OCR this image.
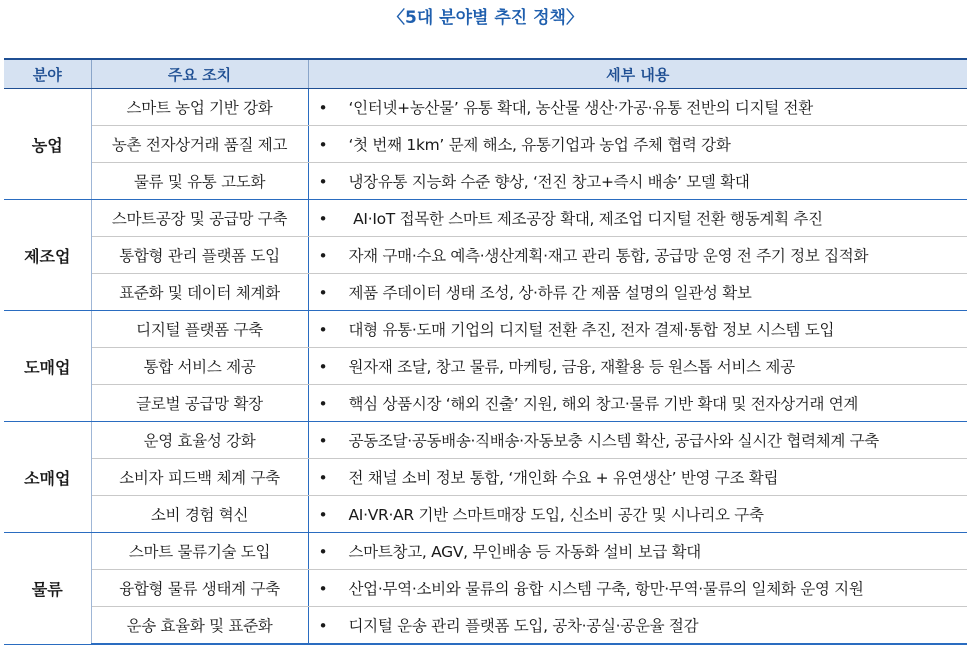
〈5대 분야별 추진 정책〉
분야	주요 조치	세부 내용
농업	스마트 농업 기반 강화	• ‘인터넷+농산물’ 유통 확대, 농산물 생산·가공·유통 전반의 디지털 전환
	농촌 전자상거래 품질 제고	• ‘첫 번째 1km’ 문제 해소, 유통기업과 농업 주체 협력 강화
	물류 및 유통 고도화	• 냉장유통 지능화 수준 향상, ‘전진 창고+즉시 배송’ 모델 확대
제조업	스마트공장 및 공급망 구축	• AI·IoT 접목한 스마트 제조공장 확대, 제조업 디지털 전환 행동계획 추진
	통합형 관리 플랫폼 도입	• 자재 구매·수요 예측·생산계획·재고 관리 통합, 공급망 운영 전 주기 정보 집적화
	표준화 및 데이터 체계화	• 제품 주데이터 생태 조성, 상·하류 간 제품 설명의 일관성 확보
도매업	디지털 플랫폼 구축	• 대형 유통·도매 기업의 디지털 전환 추진, 전자 결제·통합 정보 시스템 도입
	통합 서비스 제공	• 원자재 조달, 창고 물류, 마케팅, 금융, 재활용 등 원스톱 서비스 제공
	글로벌 공급망 확장	• 핵심 상품시장 ‘해외 진출’ 지원, 해외 창고·물류 기반 확대 및 전자상거래 연계
소매업	운영 효율성 강화	• 공동조달·공동배송·직배송·자동보충 시스템 확산, 공급사와 실시간 협력체계 구축
	소비자 피드백 체계 구축	• 전 채널 소비 정보 통합, ‘개인화 수요 + 유연생산’ 반영 구조 확립
	소비 경험 혁신	• AI·VR·AR 기반 스마트매장 도입, 신소비 공간 및 시나리오 구축
물류	스마트 물류기술 도입	• 스마트창고, AGV, 무인배송 등 자동화 설비 보급 확대
	융합형 물류 생태계 구축	• 산업·무역·소비와 물류의 융합 시스템 구축, 항만·무역·물류의 일체화 운영 지원
	운송 효율화 및 표준화	• 디지털 운송 관리 플랫폼 도입, 공차·공실·공운율 절감
